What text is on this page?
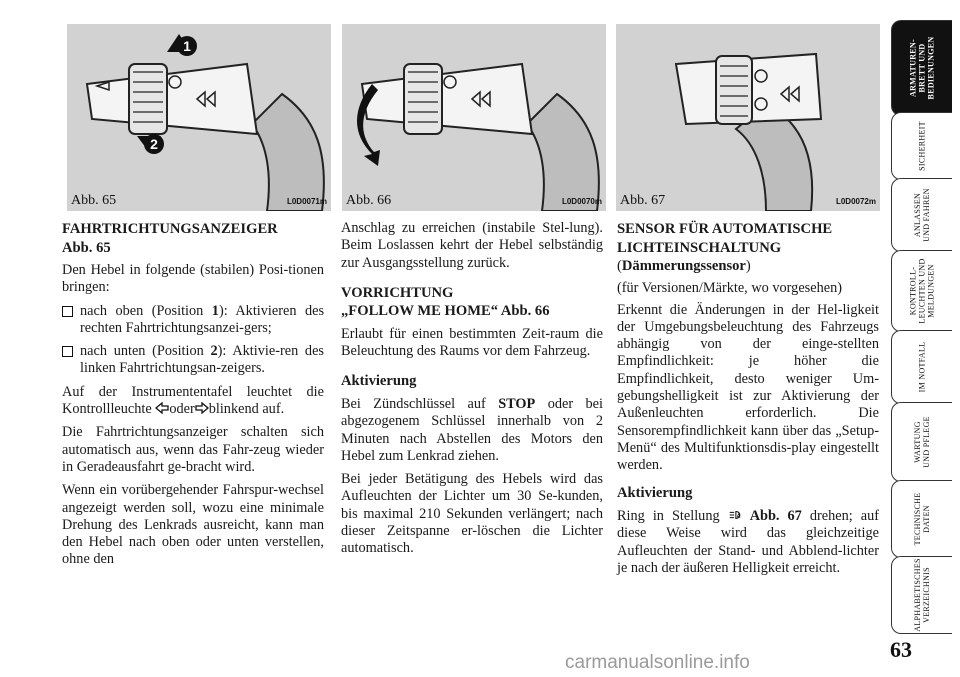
1
2
Abb. 65	L0D0071m Abb. 66	L0D0070m Abb. 67	L0D0072m
FAHRTRICHTUNGSANZEIGER
Abb. 65

Den Hebel in folgende (stabilen) Posi-tionen bringen:

nach oben (Position 1): Aktivieren des rechten Fahrtrichtungsanzei-gers;
nach unten (Position 2): Aktivie-ren des linken Fahrtrichtungsan-zeigers.

Auf der Instrumententafel leuchtet die Kontrollleuchte oder blinkend auf.

Die Fahrtrichtungsanzeiger schalten sich automatisch aus, wenn das Fahr-zeug wieder in Geradeausfahrt ge-bracht wird.

Wenn ein vorübergehender Fahrspur-wechsel angezeigt werden soll, wozu eine minimale Drehung des Lenkrads ausreicht, kann man den Hebel nach oben oder unten verstellen, ohne den

Anschlag zu erreichen (instabile Stel-lung). Beim Loslassen kehrt der Hebel selbständig zur Ausgangsstellung zurück.

VORRICHTUNG
„FOLLOW ME HOME“ Abb. 66

Erlaubt für einen bestimmten Zeit-raum die Beleuchtung des Raums vor dem Fahrzeug.

Aktivierung

Bei Zündschlüssel auf STOP oder bei abgezogenem Schlüssel innerhalb von 2 Minuten nach Abstellen des Motors den Hebel zum Lenkrad ziehen.

Bei jeder Betätigung des Hebels wird das Aufleuchten der Lichter um 30 Se-kunden, bis maximal 210 Sekunden verlängert; nach dieser Zeitspanne er-löschen die Lichter automatisch.

SENSOR FÜR AUTOMATISCHE
LICHTEINSCHALTUNG
(Dämmerungssensor)

(für Versionen/Märkte, wo vorgesehen)

Erkennt die Änderungen in der Hel-ligkeit der Umgebungsbeleuchtung des Fahrzeugs abhängig von der einge-stellten Empfindlichkeit: je höher die Empfindlichkeit, desto weniger Um-gebungshelligkeit ist zur Aktivierung der Außenleuchten erforderlich. Die Sensorempfindlichkeit kann über das „Setup-Menü“ des Multifunktionsdis-play eingestellt werden.

Aktivierung

Ring in Stellung A Abb. 67 drehen; auf diese Weise wird das gleichzeitige Aufleuchten der Stand- und Abblend-lichter je nach der äußeren Helligkeit erreicht.

ARMATUREN-
BRETT UND
BEDIENUNGEN
SICHERHEIT
ANLASSEN
UND FAHREN
KONTROLL-
LEUCHTEN UND
MELDUNGEN
IM NOTFALL
WARTUNG
UND PFLEGE
TECHNISCHE
DATEN
ALPHABETISCHES
VERZEICHNIS
63
carmanualsonline.info
